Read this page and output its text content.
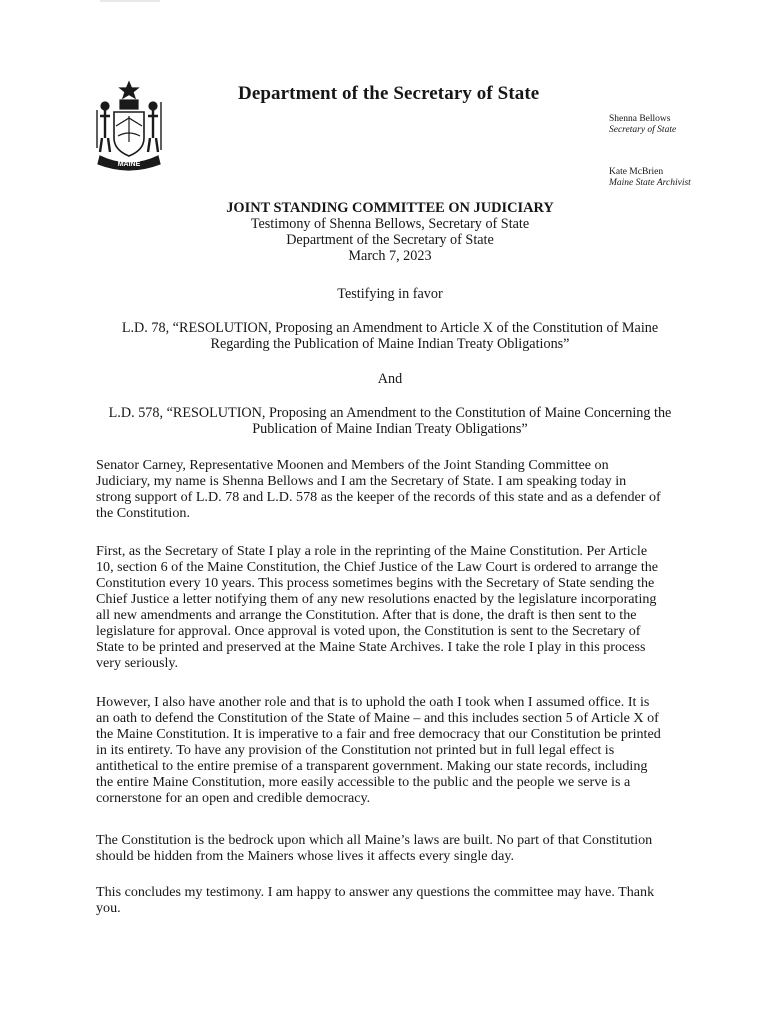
MAINE
Department of the Secretary of State
Shenna Bellows
Secretary of State
Kate McBrien
Maine State Archivist
JOINT STANDING COMMITTEE ON JUDICIARY
Testimony of Shenna Bellows, Secretary of State
Department of the Secretary of State
March 7, 2023
Testifying in favor
L.D. 78, “RESOLUTION, Proposing an Amendment to Article X of the Constitution of Maine
Regarding the Publication of Maine Indian Treaty Obligations”
And
L.D. 578, “RESOLUTION, Proposing an Amendment to the Constitution of Maine Concerning the
Publication of Maine Indian Treaty Obligations”
Senator Carney, Representative Moonen and Members of the Joint Standing Committee on
Judiciary, my name is Shenna Bellows and I am the Secretary of State. I am speaking today in
strong support of L.D. 78 and L.D. 578 as the keeper of the records of this state and as a defender of
the Constitution.
First, as the Secretary of State I play a role in the reprinting of the Maine Constitution. Per Article
10, section 6 of the Maine Constitution, the Chief Justice of the Law Court is ordered to arrange the
Constitution every 10 years. This process sometimes begins with the Secretary of State sending the
Chief Justice a letter notifying them of any new resolutions enacted by the legislature incorporating
all new amendments and arrange the Constitution. After that is done, the draft is then sent to the
legislature for approval. Once approval is voted upon, the Constitution is sent to the Secretary of
State to be printed and preserved at the Maine State Archives. I take the role I play in this process
very seriously.
However, I also have another role and that is to uphold the oath I took when I assumed office. It is
an oath to defend the Constitution of the State of Maine – and this includes section 5 of Article X of
the Maine Constitution. It is imperative to a fair and free democracy that our Constitution be printed
in its entirety. To have any provision of the Constitution not printed but in full legal effect is
antithetical to the entire premise of a transparent government. Making our state records, including
the entire Maine Constitution, more easily accessible to the public and the people we serve is a
cornerstone for an open and credible democracy.
The Constitution is the bedrock upon which all Maine’s laws are built. No part of that Constitution
should be hidden from the Mainers whose lives it affects every single day.
This concludes my testimony. I am happy to answer any questions the committee may have. Thank
you.
